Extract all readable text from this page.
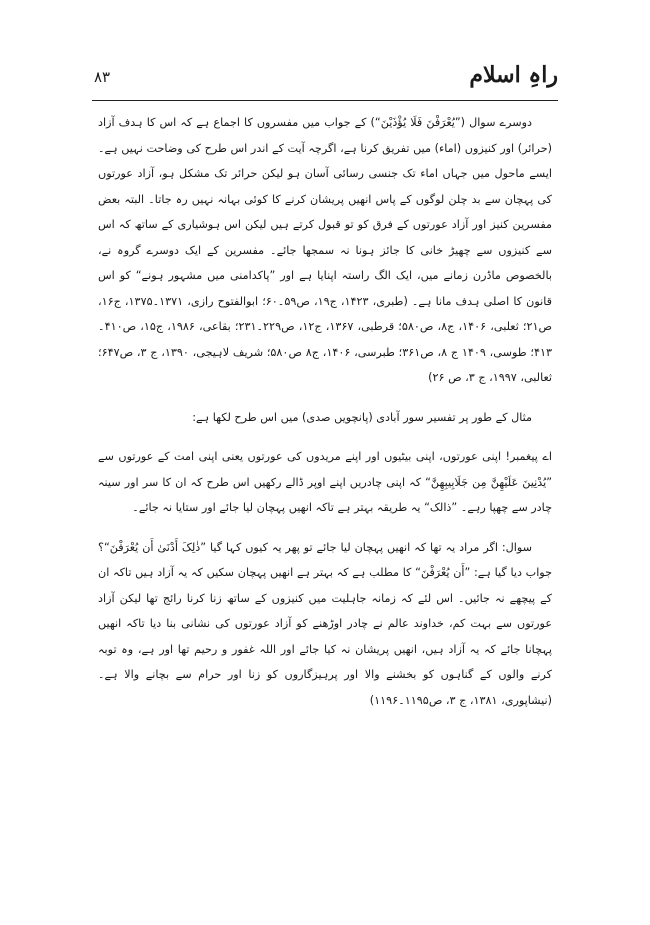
۸۳	راہِ اسلام

دوسرے سوال (”یُعْرَفْنَ فَلَا یُؤْذَیْنَ“) کے جواب میں مفسروں کا اجماع ہے کہ اس کا ہدف آزاد (حرائر) اور کنیزوں (اماء) میں تفریق کرنا ہے، اگرچہ آیت کے اندر اس طرح کی وضاحت نہیں ہے۔ ایسے ماحول میں جہاں اماء تک جنسی رسائی آسان ہو لیکن حرائر تک مشکل ہو، آزاد عورتوں کی پہچان سے بد چلن لوگوں کے پاس انھیں پریشان کرنے کا کوئی بہانہ نہیں رہ جاتا۔ البتہ بعض مفسرین کنیز اور آزاد عورتوں کے فرق کو تو قبول کرتے ہیں لیکن اس ہوشیاری کے ساتھ کہ اس سے کنیزوں سے چھیڑ خانی کا جائز ہونا نہ سمجھا جائے۔ مفسرین کے ایک دوسرے گروہ نے، بالخصوص ماڈرن زمانے میں، ایک الگ راستہ اپنایا ہے اور ”پاکدامنی میں مشہور ہونے“ کو اس قانون کا اصلی ہدف مانا ہے۔ (طبری، ۱۴۲۳، ج۱۹، ص۵۹۔۶۰؛ ابوالفتوح رازی، ۱۳۷۱۔۱۳۷۵، ج۱۶، ص۲۱؛ ثعلبی، ۱۴۰۶، ج۸، ص۵۸۰؛ قرطبی، ۱۳۶۷، ج۱۲، ص۲۲۹۔۲۳۱؛ بقاعی، ۱۹۸۶، ج۱۵، ص۴۱۰۔۴۱۳؛ طوسی، ۱۴۰۹ ج ۸، ص۳۶۱؛ طبرسی، ۱۴۰۶، ج۸ ص۵۸۰؛ شریف لاہیجی، ۱۳۹۰، ج ۳، ص۶۴۷؛ ثعالبی، ۱۹۹۷، ج ۳، ص ۲۶)

مثال کے طور پر تفسیر سور آبادی (پانچویں صدی) میں اس طرح لکھا ہے:

اے پیغمبر! اپنی عورتوں، اپنی بیٹیوں اور اپنے مریدوں کی عورتوں یعنی اپنی امت کے عورتوں سے ”یُدْنِینَ عَلَیْهِنَّ مِن جَلَابِیبِهِنَّ“ کہ اپنی چادریں اپنے اوپر ڈالے رکھیں اس طرح کہ ان کا سر اور سینہ چادر سے چھپا رہے۔ ”ذالک“ یہ طریقہ بہتر ہے تاکہ انھیں پہچان لیا جائے اور ستایا نہ جائے۔

سوال: اگر مراد یہ تھا کہ انھیں پہچان لیا جائے تو پھر یہ کیوں کہا گیا ”ذٰلِکَ أَدْنَىٰ أَن یُعْرَفْنَ“؟ جواب دیا گیا ہے: ”أَن یُعْرَفْنَ“ کا مطلب ہے کہ بہتر ہے انھیں پہچان سکیں کہ یہ آزاد ہیں تاکہ ان کے پیچھے نہ جائیں۔ اس لئے کہ زمانہ جاہلیت میں کنیزوں کے ساتھ زنا کرنا رائج تھا لیکن آزاد عورتوں سے بہت کم، خداوند عالم نے چادر اوڑھنے کو آزاد عورتوں کی نشانی بنا دیا تاکہ انھیں پہچانا جائے کہ یہ آزاد ہیں، انھیں پریشان نہ کیا جائے اور اللہ غفور و رحیم تھا اور ہے، وہ توبہ کرنے والوں کے گناہوں کو بخشنے والا اور پرہیزگاروں کو زنا اور حرام سے بچانے والا ہے۔ (نیشاپوری، ۱۳۸۱، ج ۳، ص۱۱۹۵۔۱۱۹۶)
